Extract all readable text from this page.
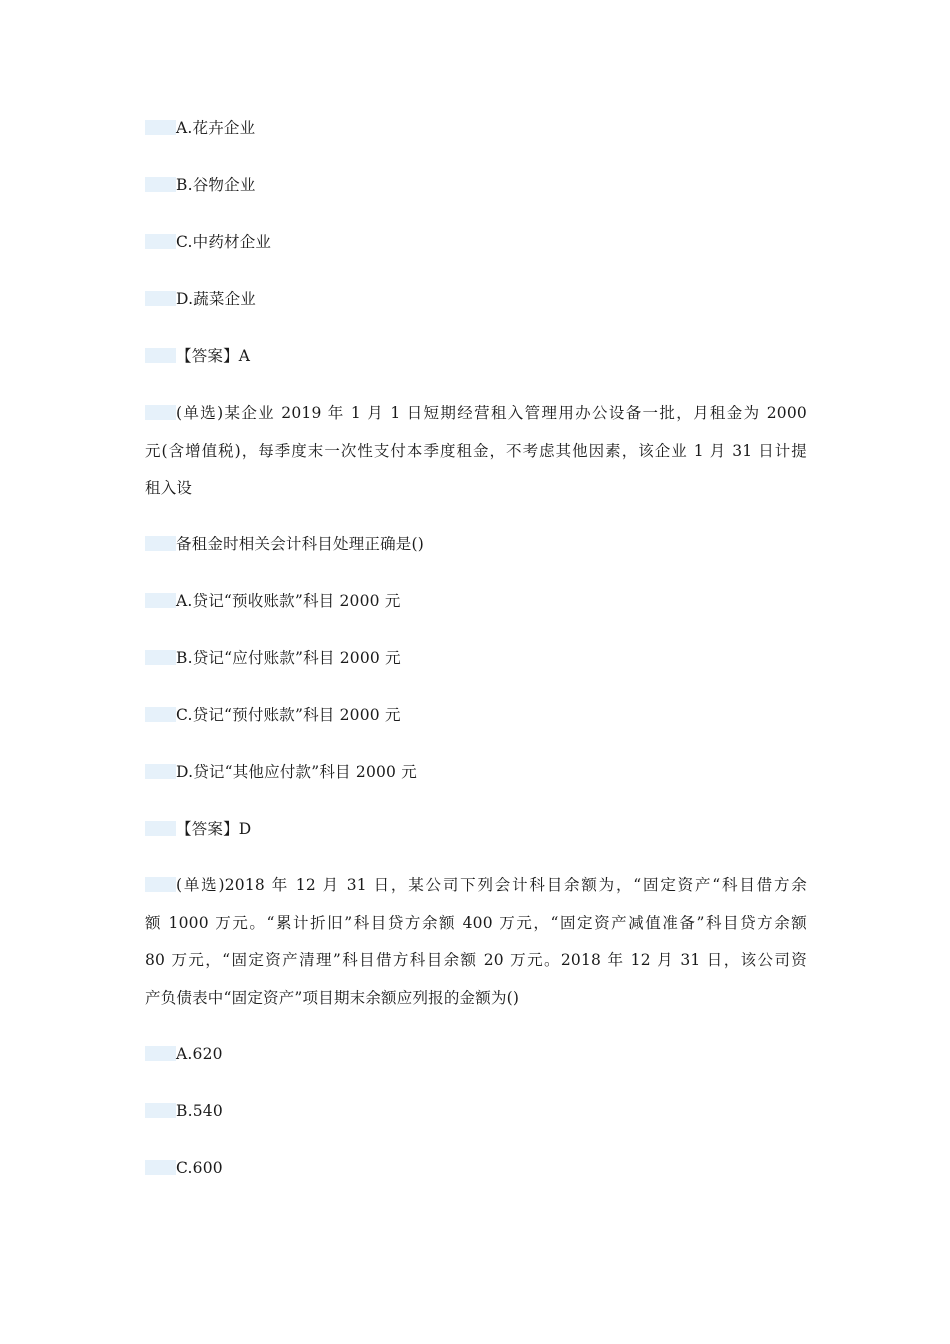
A.花卉企业

B.谷物企业

C.中药材企业

D.蔬菜企业

【答案】A

(单选)某企业 2019 年 1 月 1 日短期经营租入管理用办公设备一批，月租金为 2000
元(含增值税)，每季度末一次性支付本季度租金，不考虑其他因素，该企业 1 月 31 日计提
租入设

备租金时相关会计科目处理正确是()

A.贷记“预收账款”科目 2000 元

B.贷记“应付账款”科目 2000 元

C.贷记“预付账款”科目 2000 元

D.贷记“其他应付款”科目 2000 元

【答案】D

(单选)2018 年 12 月 31 日，某公司下列会计科目余额为，“固定资产“科目借方余
额 1000 万元。“累计折旧”科目贷方余额 400 万元，“固定资产减值准备”科目贷方余额
80 万元，“固定资产清理”科目借方科目余额 20 万元。2018 年 12 月 31 日，该公司资
产负债表中“固定资产”项目期末余额应列报的金额为()

A.620

B.540

C.600
